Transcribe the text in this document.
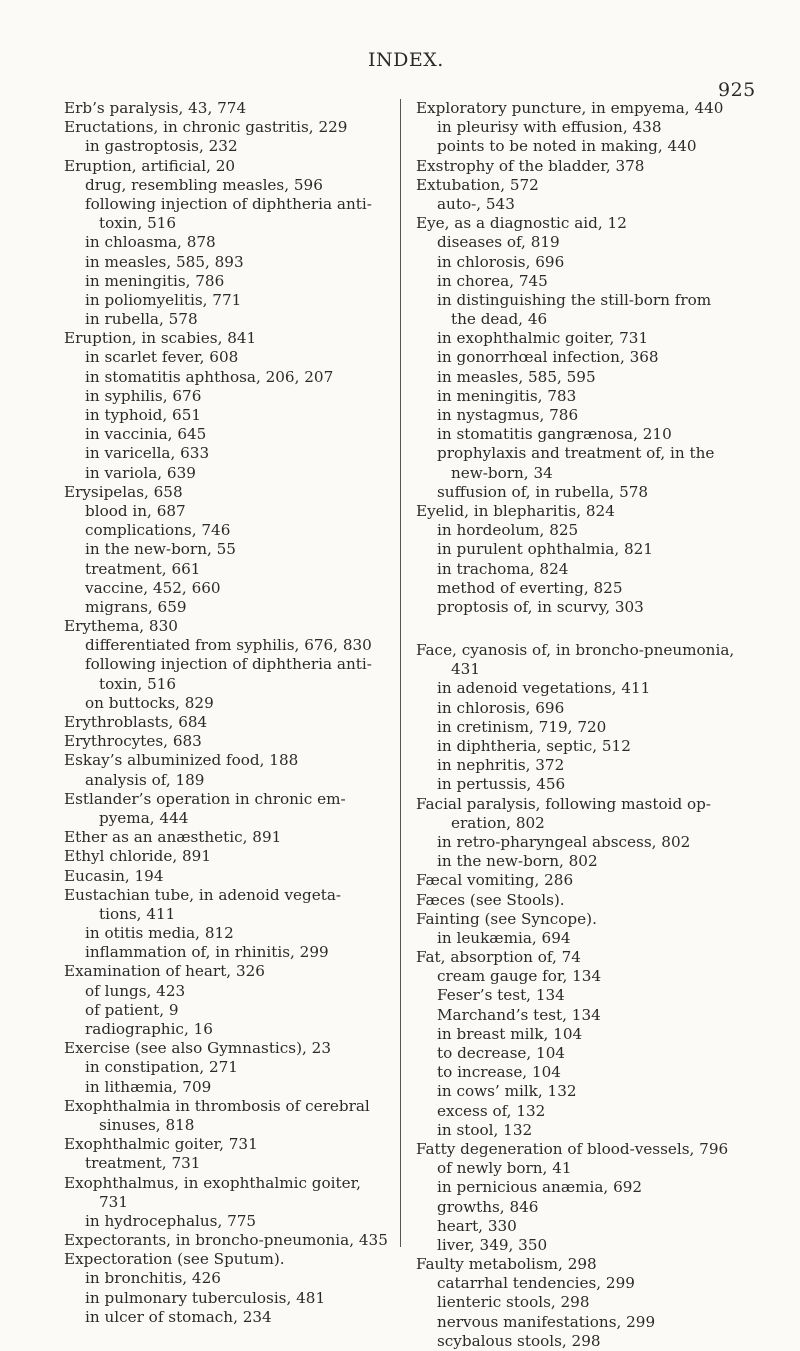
INDEX.
925
Erb’s paralysis, 43, 774
Eructations, in chronic gastritis, 229
in gastroptosis, 232
Eruption, artificial, 20
drug, resembling measles, 596
following injection of diphtheria anti-
toxin, 516
in chloasma, 878
in measles, 585, 893
in meningitis, 786
in poliomyelitis, 771
in rubella, 578
Eruption, in scabies, 841
in scarlet fever, 608
in stomatitis aphthosa, 206, 207
in syphilis, 676
in typhoid, 651
in vaccinia, 645
in varicella, 633
in variola, 639
Erysipelas, 658
blood in, 687
complications, 746
in the new-born, 55
treatment, 661
vaccine, 452, 660
migrans, 659
Erythema, 830
differentiated from syphilis, 676, 830
following injection of diphtheria anti-
toxin, 516
on buttocks, 829
Erythroblasts, 684
Erythrocytes, 683
Eskay’s albuminized food, 188
analysis of, 189
Estlander’s operation in chronic em-
pyema, 444
Ether as an anæsthetic, 891
Ethyl chloride, 891
Eucasin, 194
Eustachian tube, in adenoid vegeta-
tions, 411
in otitis media, 812
inflammation of, in rhinitis, 299
Examination of heart, 326
of lungs, 423
of patient, 9
radiographic, 16
Exercise (see also Gymnastics), 23
in constipation, 271
in lithæmia, 709
Exophthalmia in thrombosis of cerebral
sinuses, 818
Exophthalmic goiter, 731
treatment, 731
Exophthalmus, in exophthalmic goiter,
731
in hydrocephalus, 775
Expectorants, in broncho-pneumonia, 435
Expectoration (see Sputum).
in bronchitis, 426
in pulmonary tuberculosis, 481
in ulcer of stomach, 234
Exploratory puncture, in empyema, 440
in pleurisy with effusion, 438
points to be noted in making, 440
Exstrophy of the bladder, 378
Extubation, 572
auto-, 543
Eye, as a diagnostic aid, 12
diseases of, 819
in chlorosis, 696
in chorea, 745
in distinguishing the still-born from
the dead, 46
in exophthalmic goiter, 731
in gonorrhœal infection, 368
in measles, 585, 595
in meningitis, 783
in nystagmus, 786
in stomatitis gangrænosa, 210
prophylaxis and treatment of, in the
new-born, 34
suffusion of, in rubella, 578
Eyelid, in blepharitis, 824
in hordeolum, 825
in purulent ophthalmia, 821
in trachoma, 824
method of everting, 825
proptosis of, in scurvy, 303
Face, cyanosis of, in broncho-pneumonia,
431
in adenoid vegetations, 411
in chlorosis, 696
in cretinism, 719, 720
in diphtheria, septic, 512
in nephritis, 372
in pertussis, 456
Facial paralysis, following mastoid op-
eration, 802
in retro-pharyngeal abscess, 802
in the new-born, 802
Fæcal vomiting, 286
Fæces (see Stools).
Fainting (see Syncope).
in leukæmia, 694
Fat, absorption of, 74
cream gauge for, 134
Feser’s test, 134
Marchand’s test, 134
in breast milk, 104
to decrease, 104
to increase, 104
in cows’ milk, 132
excess of, 132
in stool, 132
Fatty degeneration of blood-vessels, 796
of newly born, 41
in pernicious anæmia, 692
growths, 846
heart, 330
liver, 349, 350
Faulty metabolism, 298
catarrhal tendencies, 299
lienteric stools, 298
nervous manifestations, 299
scybalous stools, 298
